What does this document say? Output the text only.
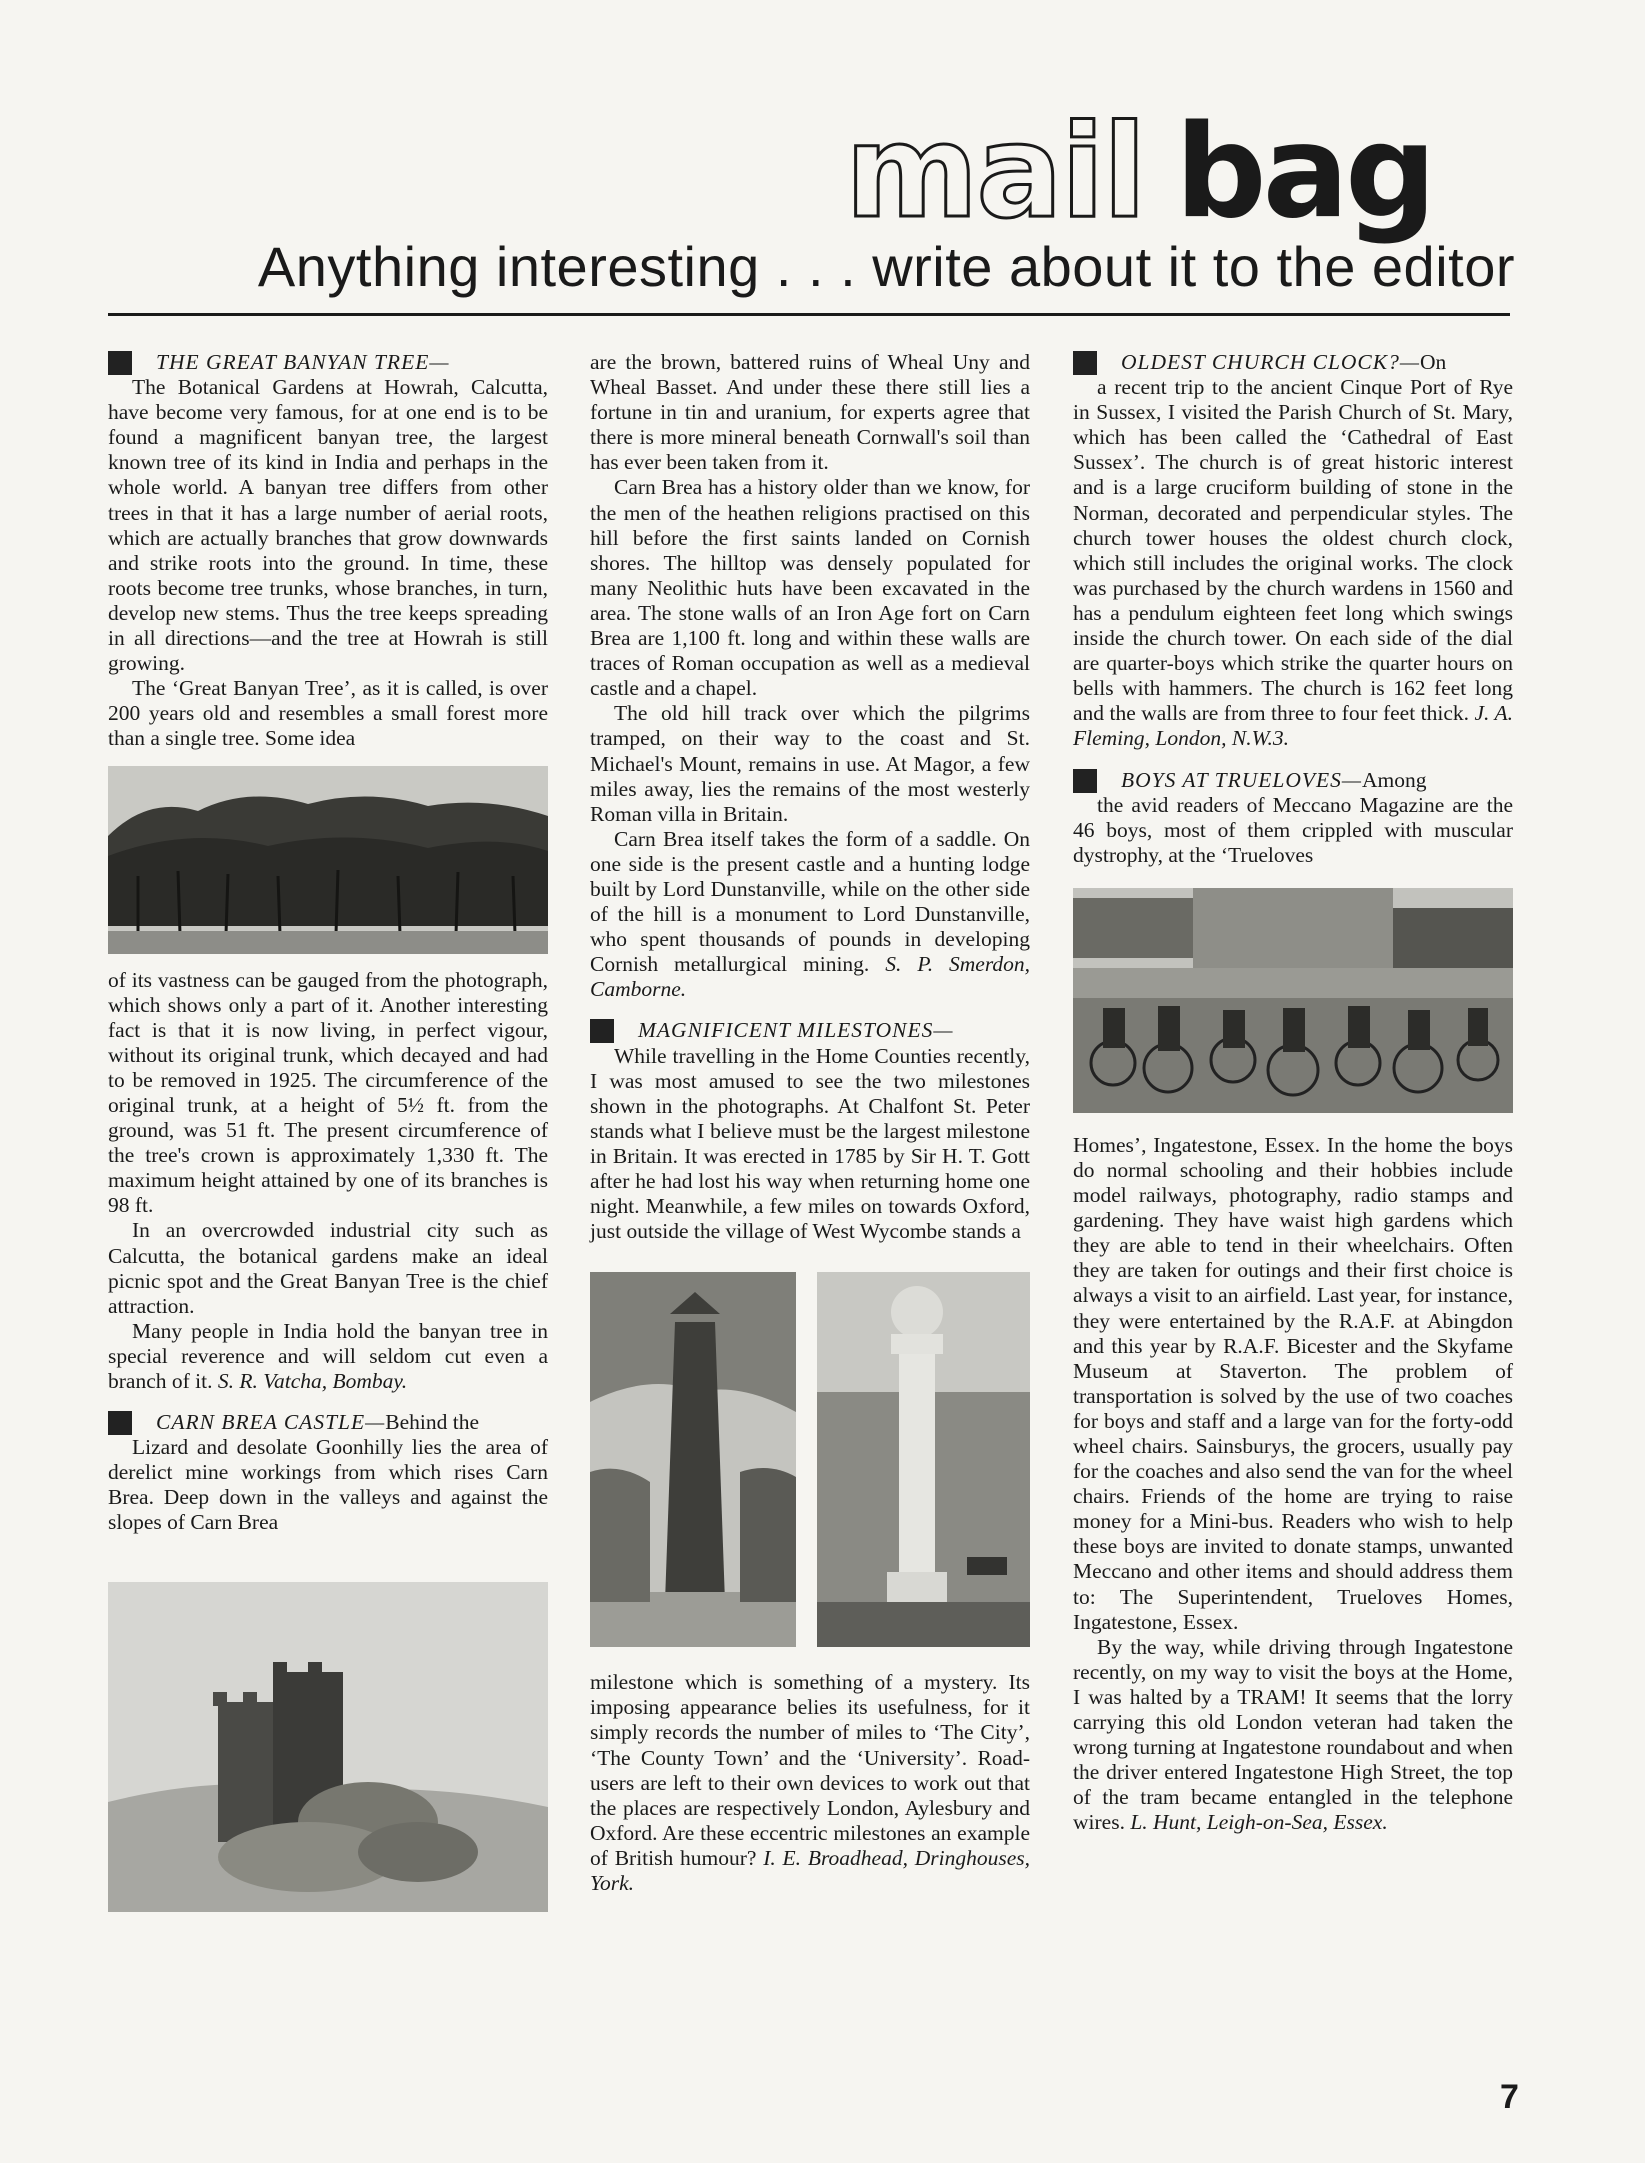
mail bag
Anything interesting . . . write about it to the editor

THE GREAT BANYAN TREE—

The Botanical Gardens at Howrah, Calcutta, have become very famous, for at one end is to be found a magnificent banyan tree, the largest known tree of its kind in India and perhaps in the whole world. A banyan tree differs from other trees in that it has a large number of aerial roots, which are actually branches that grow downwards and strike roots into the ground. In time, these roots become tree trunks, whose branches, in turn, develop new stems. Thus the tree keeps spreading in all directions—and the tree at Howrah is still growing.

The ‘Great Banyan Tree’, as it is called, is over 200 years old and resembles a small forest more than a single tree. Some idea

of its vastness can be gauged from the photograph, which shows only a part of it. Another interesting fact is that it is now living, in perfect vigour, without its original trunk, which decayed and had to be removed in 1925. The circumference of the original trunk, at a height of 5½ ft. from the ground, was 51 ft. The present circumference of the tree's crown is approximately 1,330 ft. The maximum height attained by one of its branches is 98 ft.

In an overcrowded industrial city such as Calcutta, the botanical gardens make an ideal picnic spot and the Great Banyan Tree is the chief attraction.

Many people in India hold the banyan tree in special reverence and will seldom cut even a branch of it. S. R. Vatcha, Bombay.

CARN BREA CASTLE—Behind the

Lizard and desolate Goonhilly lies the area of derelict mine workings from which rises Carn Brea. Deep down in the valleys and against the slopes of Carn Brea

are the brown, battered ruins of Wheal Uny and Wheal Basset. And under these there still lies a fortune in tin and uranium, for experts agree that there is more mineral beneath Cornwall's soil than has ever been taken from it.

Carn Brea has a history older than we know, for the men of the heathen religions practised on this hill before the first saints landed on Cornish shores. The hilltop was densely populated for many Neolithic huts have been excavated in the area. The stone walls of an Iron Age fort on Carn Brea are 1,100 ft. long and within these walls are traces of Roman occupation as well as a medieval castle and a chapel.

The old hill track over which the pilgrims tramped, on their way to the coast and St. Michael's Mount, remains in use. At Magor, a few miles away, lies the remains of the most westerly Roman villa in Britain.

Carn Brea itself takes the form of a saddle. On one side is the present castle and a hunting lodge built by Lord Dunstanville, while on the other side of the hill is a monument to Lord Dunstanville, who spent thousands of pounds in developing Cornish metallurgical mining. S. P. Smerdon, Camborne.

MAGNIFICENT MILESTONES—

While travelling in the Home Counties recently, I was most amused to see the two milestones shown in the photographs. At Chalfont St. Peter stands what I believe must be the largest milestone in Britain. It was erected in 1785 by Sir H. T. Gott after he had lost his way when returning home one night. Meanwhile, a few miles on towards Oxford, just outside the village of West Wycombe stands a

milestone which is something of a mystery. Its imposing appearance belies its usefulness, for it simply records the number of miles to ‘The City’, ‘The County Town’ and the ‘University’. Road-users are left to their own devices to work out that the places are respectively London, Aylesbury and Oxford. Are these eccentric milestones an example of British humour? I. E. Broadhead, Dringhouses, York.

OLDEST CHURCH CLOCK?—On

a recent trip to the ancient Cinque Port of Rye in Sussex, I visited the Parish Church of St. Mary, which has been called the ‘Cathedral of East Sussex’. The church is of great historic interest and is a large cruciform building of stone in the Norman, decorated and perpendicular styles. The church tower houses the oldest church clock, which still includes the original works. The clock was purchased by the church wardens in 1560 and has a pendulum eighteen feet long which swings inside the church tower. On each side of the dial are quarter-boys which strike the quarter hours on bells with hammers. The church is 162 feet long and the walls are from three to four feet thick. J. A. Fleming, London, N.W.3.

BOYS AT TRUELOVES—Among

the avid readers of Meccano Magazine are the 46 boys, most of them crippled with muscular dystrophy, at the ‘Trueloves

Homes’, Ingatestone, Essex. In the home the boys do normal schooling and their hobbies include model railways, photography, radio stamps and gardening. They have waist high gardens which they are able to tend in their wheelchairs. Often they are taken for outings and their first choice is always a visit to an airfield. Last year, for instance, they were entertained by the R.A.F. at Abingdon and this year by R.A.F. Bicester and the Skyfame Museum at Staverton. The problem of transportation is solved by the use of two coaches for boys and staff and a large van for the forty-odd wheel chairs. Sainsburys, the grocers, usually pay for the coaches and also send the van for the wheel chairs. Friends of the home are trying to raise money for a Mini-bus. Readers who wish to help these boys are invited to donate stamps, unwanted Meccano and other items and should address them to: The Superintendent, Trueloves Homes, Ingatestone, Essex.

By the way, while driving through Ingatestone recently, on my way to visit the boys at the Home, I was halted by a TRAM! It seems that the lorry carrying this old London veteran had taken the wrong turning at Ingatestone roundabout and when the driver entered Ingatestone High Street, the top of the tram became entangled in the telephone wires. L. Hunt, Leigh-on-Sea, Essex.

7
